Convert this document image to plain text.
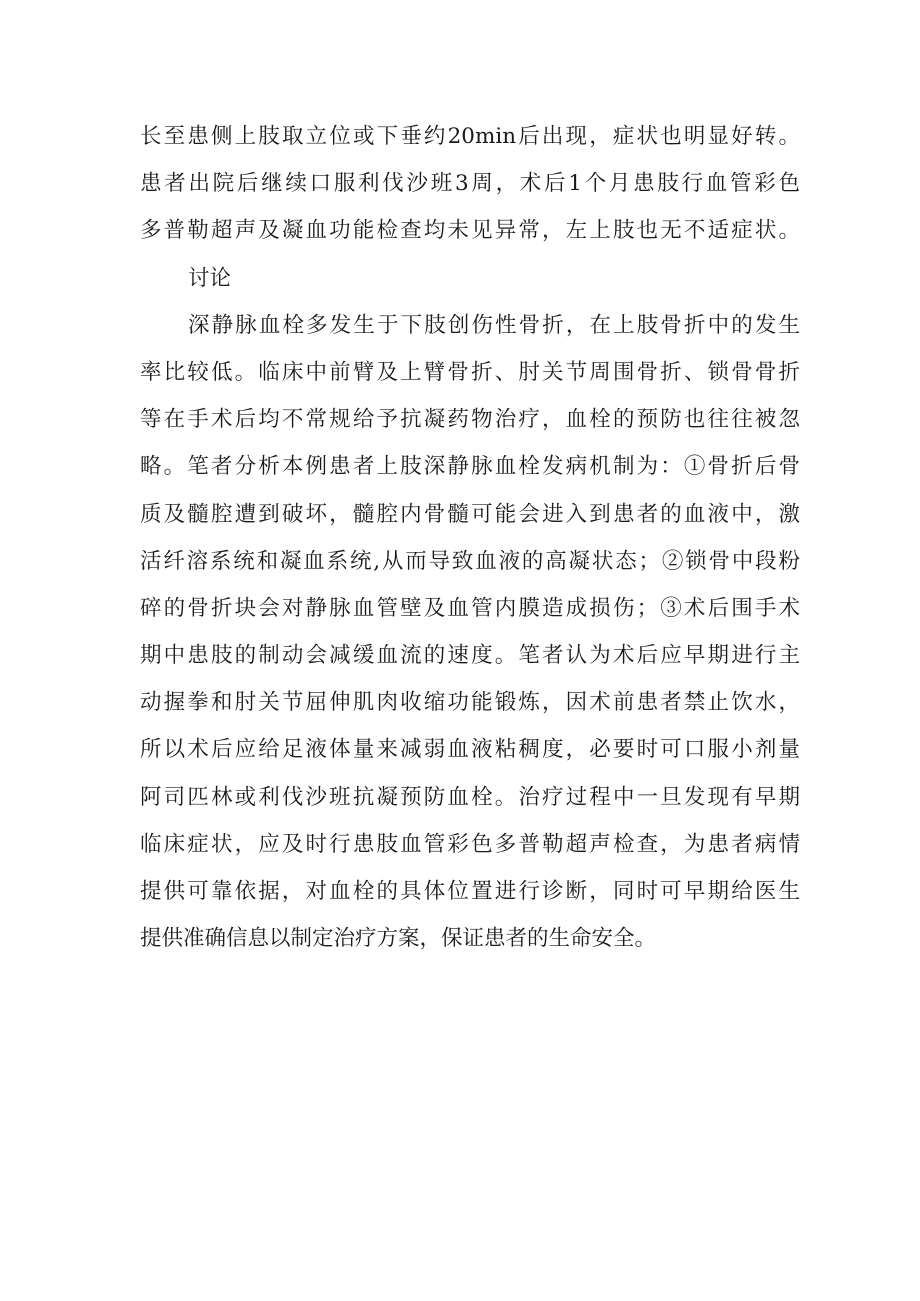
长至患侧上肢取立位或下垂约20min后出现，症状也明显好转。
患者出院后继续口服利伐沙班3周，术后1个月患肢行血管彩色
多普勒超声及凝血功能检查均未见异常，左上肢也无不适症状。
讨论
深静脉血栓多发生于下肢创伤性骨折，在上肢骨折中的发生
率比较低。临床中前臂及上臂骨折、肘关节周围骨折、锁骨骨折
等在手术后均不常规给予抗凝药物治疗，血栓的预防也往往被忽
略。笔者分析本例患者上肢深静脉血栓发病机制为：①骨折后骨
质及髓腔遭到破坏，髓腔内骨髓可能会进入到患者的血液中，激
活纤溶系统和凝血系统,从而导致血液的高凝状态；②锁骨中段粉
碎的骨折块会对静脉血管壁及血管内膜造成损伤；③术后围手术
期中患肢的制动会减缓血流的速度。笔者认为术后应早期进行主
动握拳和肘关节屈伸肌肉收缩功能锻炼，因术前患者禁止饮水，
所以术后应给足液体量来减弱血液粘稠度，必要时可口服小剂量
阿司匹林或利伐沙班抗凝预防血栓。治疗过程中一旦发现有早期
临床症状，应及时行患肢血管彩色多普勒超声检查，为患者病情
提供可靠依据，对血栓的具体位置进行诊断，同时可早期给医生
提供准确信息以制定治疗方案，保证患者的生命安全。
